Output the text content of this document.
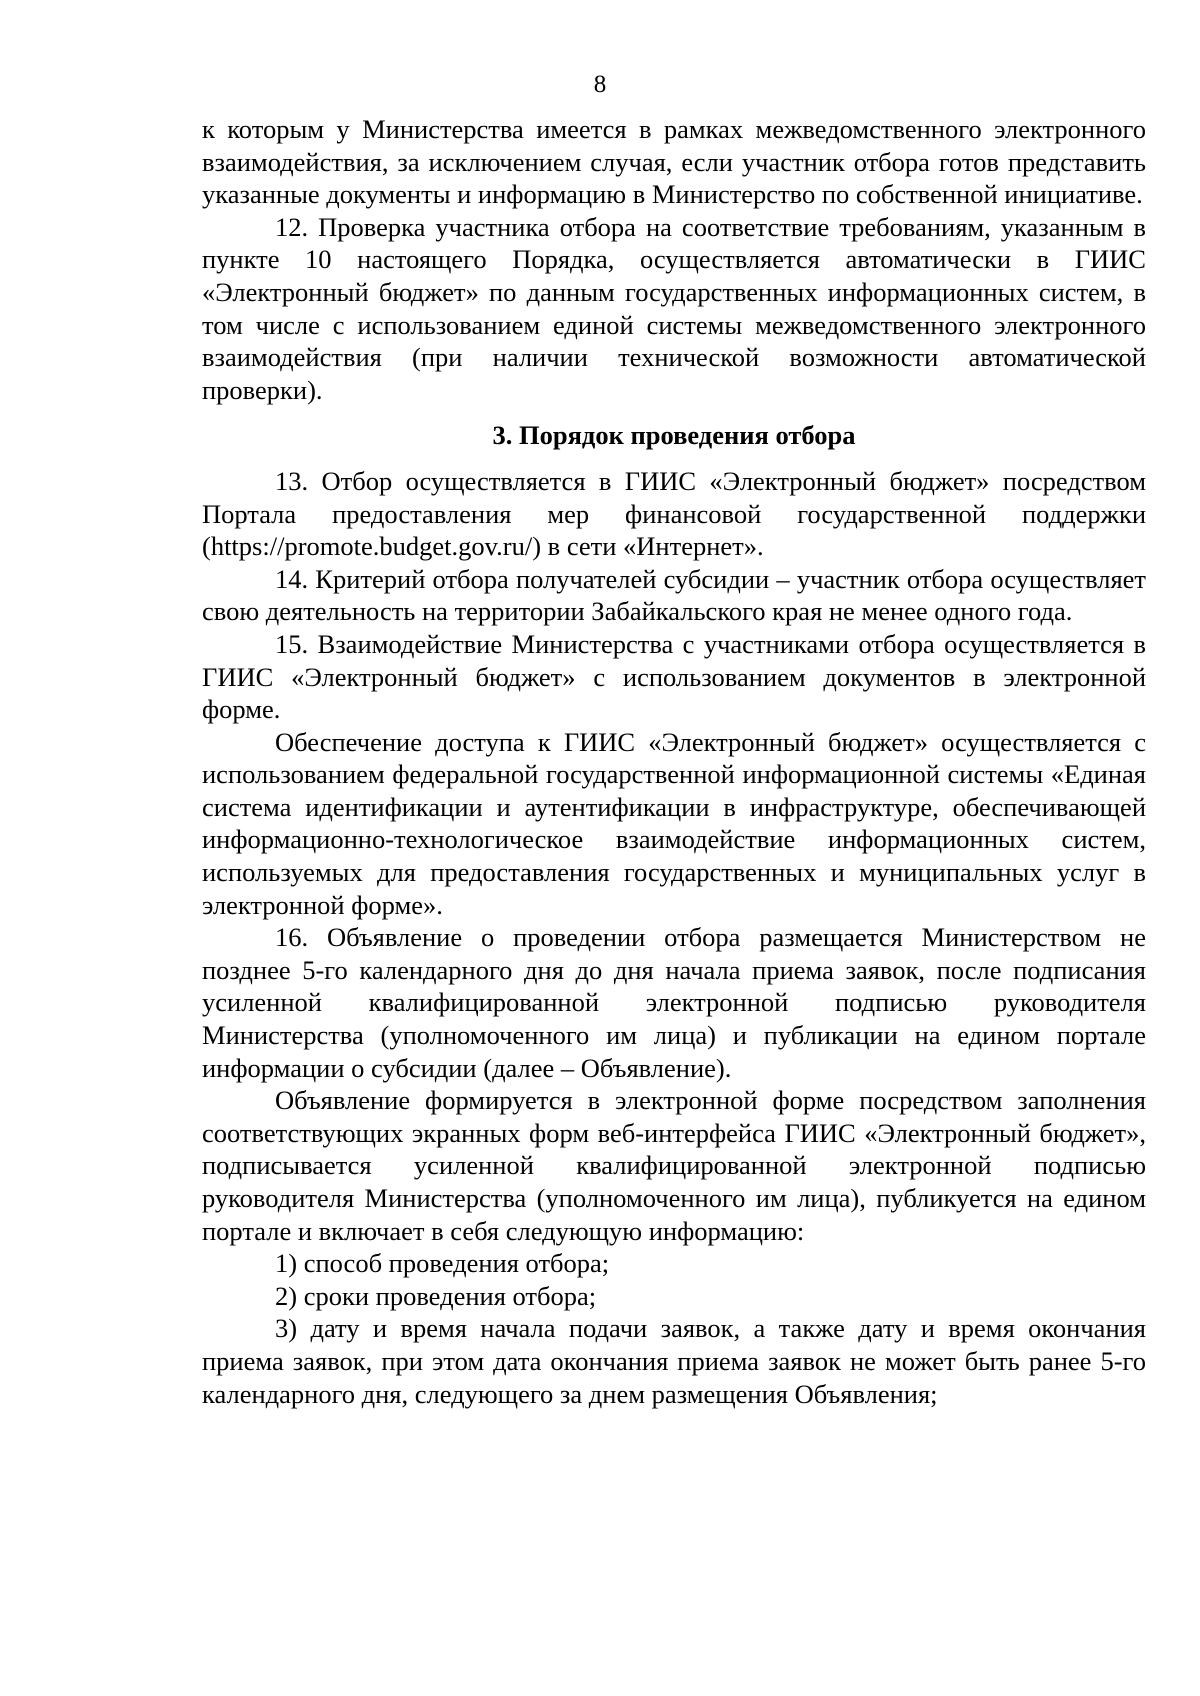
8

к которым у Министерства имеется в рамках межведомственного электронного взаимодействия, за исключением случая, если участник отбора готов представить указанные документы и информацию в Министерство по собственной инициативе.

12. Проверка участника отбора на соответствие требованиям, указанным в пункте 10 настоящего Порядка, осуществляется автоматически в ГИИС «Электронный бюджет» по данным государственных информационных систем, в том числе с использованием единой системы межведомственного электронного взаимодействия (при наличии технической возможности автоматической проверки).

3. Порядок проведения отбора

13. Отбор осуществляется в ГИИС «Электронный бюджет» посредством Портала предоставления мер финансовой государственной поддержки (https://promote.budget.gov.ru/) в сети «Интернет».

14. Критерий отбора получателей субсидии – участник отбора осуществляет свою деятельность на территории Забайкальского края не менее одного года.

15. Взаимодействие Министерства с участниками отбора осуществляется в ГИИС «Электронный бюджет» с использованием документов в электронной форме.

Обеспечение доступа к ГИИС «Электронный бюджет» осуществляется с использованием федеральной государственной информационной системы «Единая система идентификации и аутентификации в инфраструктуре, обеспечивающей информационно-технологическое взаимодействие информационных систем, используемых для предоставления государственных и муниципальных услуг в электронной форме».

16. Объявление о проведении отбора размещается Министерством не позднее 5-го календарного дня до дня начала приема заявок, после подписания усиленной квалифицированной электронной подписью руководителя Министерства (уполномоченного им лица) и публикации на едином портале информации о субсидии (далее – Объявление).

Объявление формируется в электронной форме посредством заполнения соответствующих экранных форм веб-интерфейса ГИИС «Электронный бюджет», подписывается усиленной квалифицированной электронной подписью руководителя Министерства (уполномоченного им лица), публикуется на едином портале и включает в себя следующую информацию:

1) способ проведения отбора;

2) сроки проведения отбора;

3) дату и время начала подачи заявок, а также дату и время окончания приема заявок, при этом дата окончания приема заявок не может быть ранее 5-го календарного дня, следующего за днем размещения Объявления;
